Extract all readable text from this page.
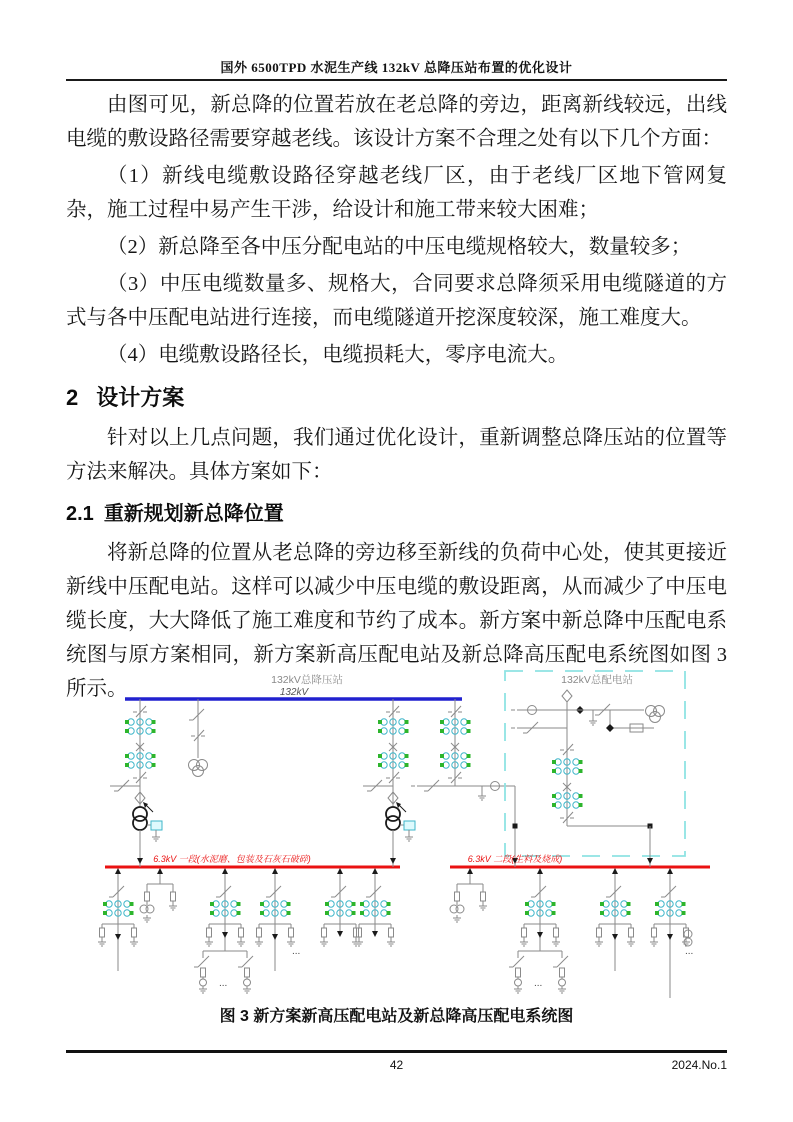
国外 6500TPD 水泥生产线 132kV 总降压站布置的优化设计

由图可见，新总降的位置若放在老总降的旁边，距离新线较远，出线电缆的敷设路径需要穿越老线。该设计方案不合理之处有以下几个方面：

（1）新线电缆敷设路径穿越老线厂区，由于老线厂区地下管网复杂，施工过程中易产生干涉，给设计和施工带来较大困难；

（2）新总降至各中压分配电站的中压电缆规格较大，数量较多；

（3）中压电缆数量多、规格大，合同要求总降须采用电缆隧道的方式与各中压配电站进行连接，而电缆隧道开挖深度较深，施工难度大。

（4）电缆敷设路径长，电缆损耗大，零序电流大。

2 设计方案

针对以上几点问题，我们通过优化设计，重新调整总降压站的位置等方法来解决。具体方案如下：

2.1 重新规划新总降位置

将新总降的位置从老总降的旁边移至新线的负荷中心处，使其更接近新线中压配电站。这样可以减少中压电缆的敷设距离，从而减少了中压电缆长度，大大降低了施工难度和节约了成本。新方案中新总降中压配电系统图与原方案相同，新方案新高压配电站及新总降高压配电系统图如图 3 所示。	132kV总降压站
132kV
132kV总配电站
6.3kV 一段(水泥磨、包装及石灰石破碎)	6.3kV 二段(生料及烧成)
...	...
...	...
图 3 新方案新高压配电站及新总降高压配电系统图
42	2024.No.1
